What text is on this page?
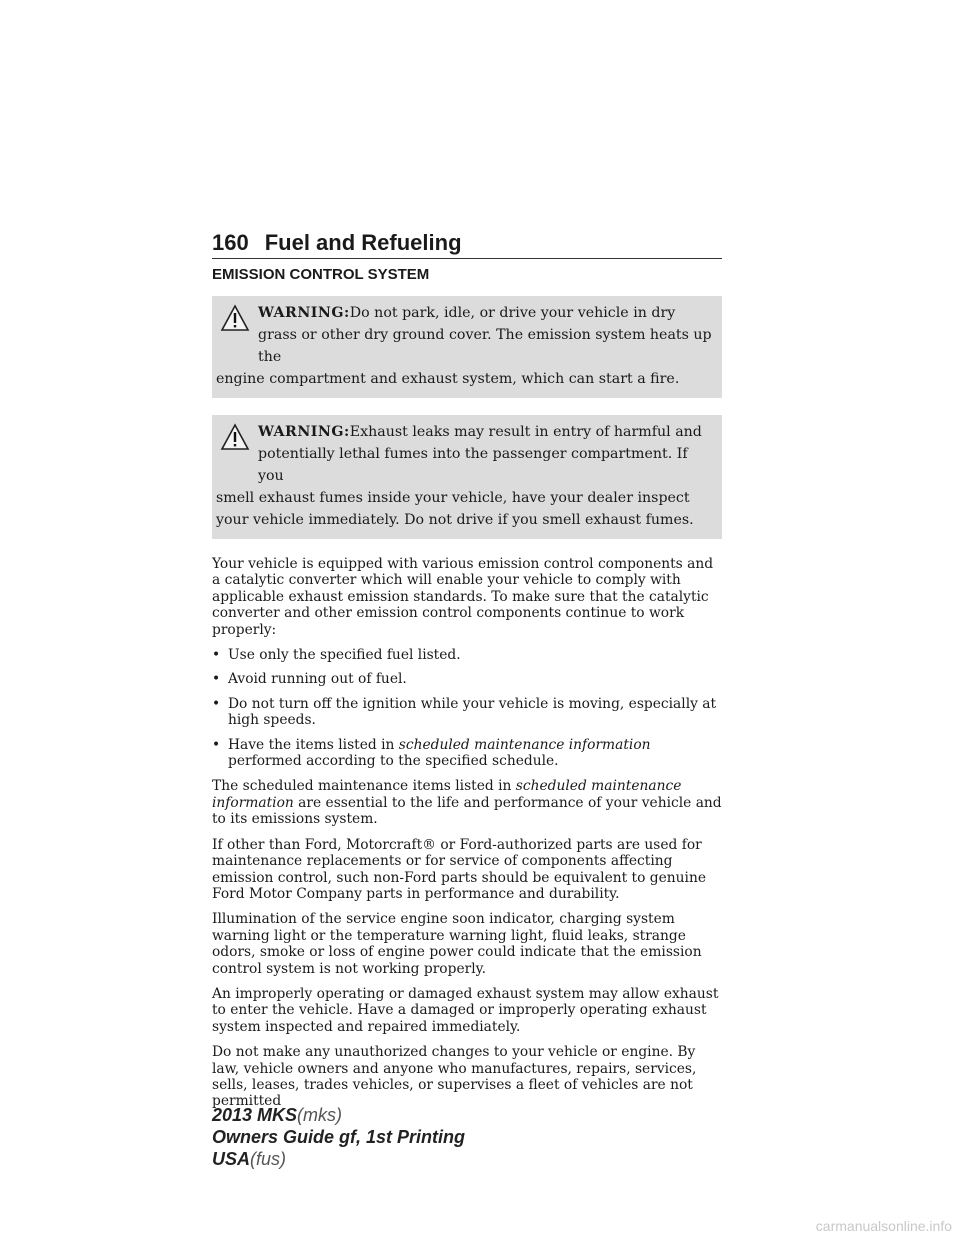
160 Fuel and Refueling
EMISSION CONTROL SYSTEM
WARNING:Do not park, idle, or drive your vehicle in dry grass or other dry ground cover. The emission system heats up the
engine compartment and exhaust system, which can start a fire.
WARNING:Exhaust leaks may result in entry of harmful and potentially lethal fumes into the passenger compartment. If you
smell exhaust fumes inside your vehicle, have your dealer inspect your vehicle immediately. Do not drive if you smell exhaust fumes.

Your vehicle is equipped with various emission control components and a catalytic converter which will enable your vehicle to comply with applicable exhaust emission standards. To make sure that the catalytic converter and other emission control components continue to work properly:

• Use only the specified fuel listed.
• Avoid running out of fuel.
• Do not turn off the ignition while your vehicle is moving, especially at high speeds.
• Have the items listed in scheduled maintenance information performed according to the specified schedule.

The scheduled maintenance items listed in scheduled maintenance information are essential to the life and performance of your vehicle and to its emissions system.

If other than Ford, Motorcraft® or Ford-authorized parts are used for maintenance replacements or for service of components affecting emission control, such non-Ford parts should be equivalent to genuine Ford Motor Company parts in performance and durability.

Illumination of the service engine soon indicator, charging system warning light or the temperature warning light, fluid leaks, strange odors, smoke or loss of engine power could indicate that the emission control system is not working properly.

An improperly operating or damaged exhaust system may allow exhaust to enter the vehicle. Have a damaged or improperly operating exhaust system inspected and repaired immediately.

Do not make any unauthorized changes to your vehicle or engine. By law, vehicle owners and anyone who manufactures, repairs, services, sells, leases, trades vehicles, or supervises a fleet of vehicles are not permitted

2013 MKS(mks)
Owners Guide gf, 1st Printing
USA(fus)
carmanualsonline.info
